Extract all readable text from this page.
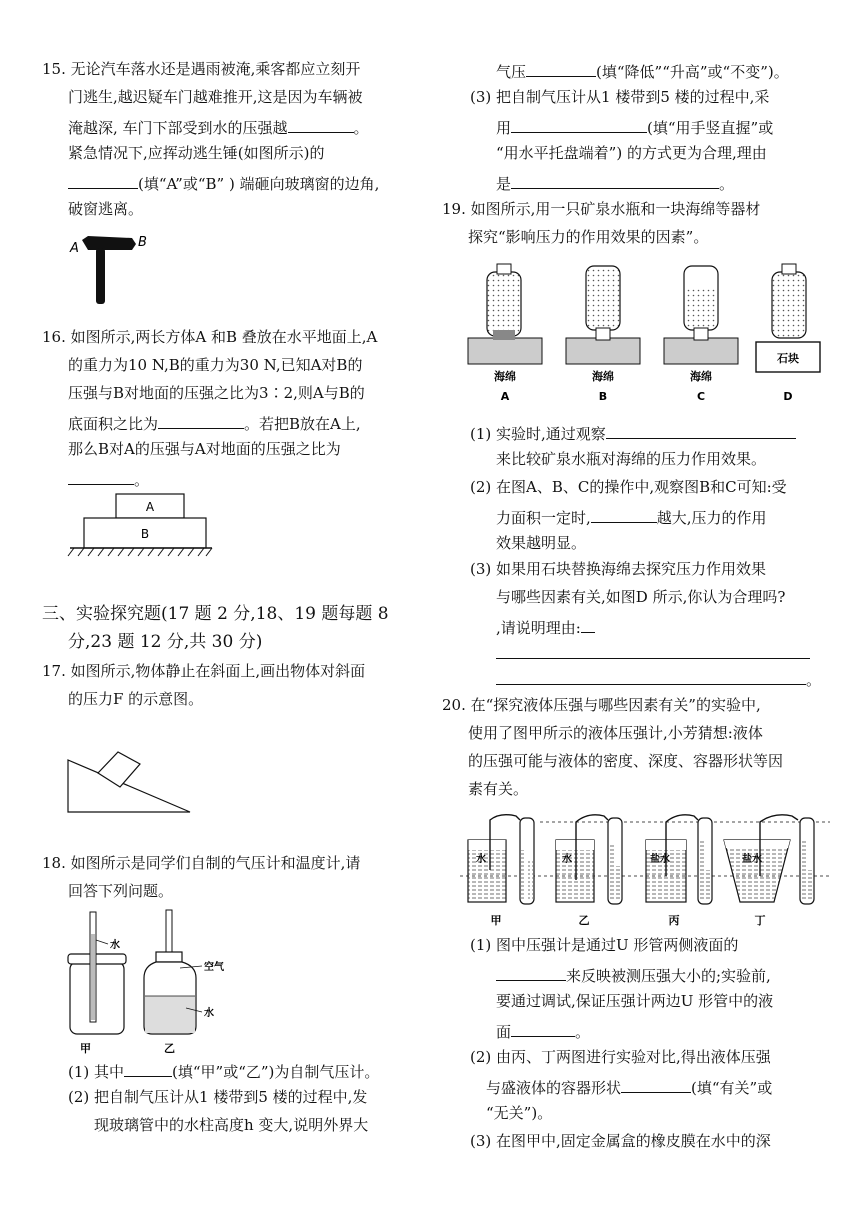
15. 无论汽车落水还是遇雨被淹,乘客都应立刻开
门逃生,越迟疑车门越难推开,这是因为车辆被
淹越深, 车门下部受到水的压强越	。
紧急情况下,应挥动逃生锤(如图所示)的
(填“A”或“B” ) 端砸向玻璃窗的边角,
破窗逃离。
A	B
16. 如图所示,两长方体A 和B 叠放在水平地面上,A
的重力为10 N,B的重力为30 N,已知A对B的
压强与B对地面的压强之比为3∶2,则A与B的
底面积之比为	。若把B放在A上,
那么B对A的压强与A对地面的压强之比为
。
A
B
三、实验探究题(17 题 2 分,18、19 题每题 8
分,23 题 12 分,共 30 分)
17. 如图所示,物体静止在斜面上,画出物体对斜面
的压力F 的示意图。
18. 如图所示是同学们自制的气压计和温度计,请
回答下列问题。
水
甲
空气
水
乙
(1) 其中	(填“甲”或“乙”)为自制气压计。
(2) 把自制气压计从1 楼带到5 楼的过程中,发
现玻璃管中的水柱高度h 变大,说明外界大
气压	(填“降低”“升高”或“不变”)。
(3) 把自制气压计从1 楼带到5 楼的过程中,采
用	(填“用手竖直握”或
“用水平托盘端着”) 的方式更为合理,理由
是	。
19. 如图所示,用一只矿泉水瓶和一块海绵等器材
探究“影响压力的作用效果的因素”。
海绵
A
海绵
B
海绵
C
石块
D
(1) 实验时,通过观察
来比较矿泉水瓶对海绵的压力作用效果。
(2) 在图A、B、C的操作中,观察图B和C可知:受
力面积一定时,	越大,压力的作用
效果越明显。
(3) 如果用石块替换海绵去探究压力作用效果
与哪些因素有关,如图D 所示,你认为合理吗?
,请说明理由:
。
20. 在“探究液体压强与哪些因素有关”的实验中,
使用了图甲所示的液体压强计,小芳猜想:液体
的压强可能与液体的密度、深度、容器形状等因
素有关。
水
甲
水
乙
盐水
丙
盐水
丁
(1) 图中压强计是通过U 形管两侧液面的
来反映被测压强大小的;实验前,
要通过调试,保证压强计两边U 形管中的液
面	。
(2) 由丙、丁两图进行实验对比,得出液体压强
与盛液体的容器形状	(填“有关”或
“无关”)。
(3) 在图甲中,固定金属盒的橡皮膜在水中的深
